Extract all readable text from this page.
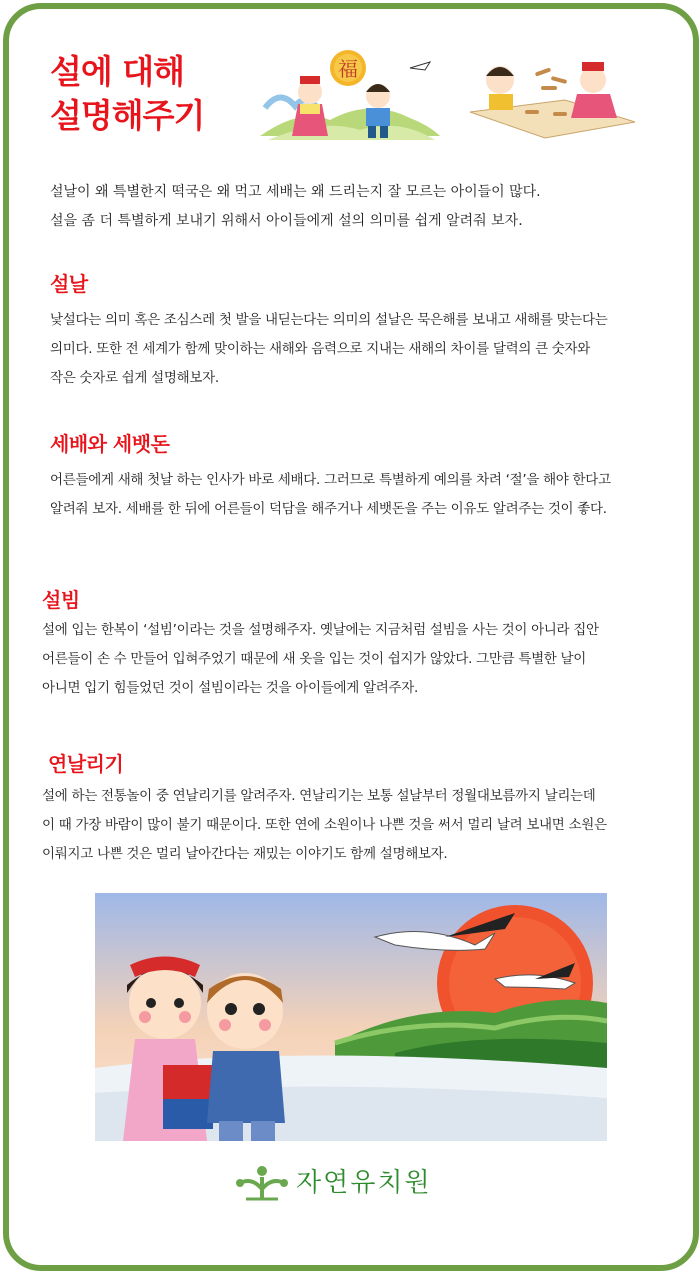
설에 대해
설명해주기
福
설날이 왜 특별한지 떡국은 왜 먹고 세배는 왜 드리는지 잘 모르는 아이들이 많다.
설을 좀 더 특별하게 보내기 위해서 아이들에게 설의 의미를 쉽게 알려줘 보자.
설날
낯설다는 의미 혹은 조심스레 첫 발을 내딛는다는 의미의 설날은 묵은해를 보내고 새해를 맞는다는
의미다. 또한 전 세계가 함께 맞이하는 새해와 음력으로 지내는 새해의 차이를 달력의 큰 숫자와
작은 숫자로 쉽게 설명해보자.
세배와 세뱃돈
어른들에게 새해 첫날 하는 인사가 바로 세배다. 그러므로 특별하게 예의를 차려 ‘절’을 해야 한다고
알려줘 보자. 세배를 한 뒤에 어른들이 덕담을 해주거나 세뱃돈을 주는 이유도 알려주는 것이 좋다.
설빔
설에 입는 한복이 ‘설빔’이라는 것을 설명해주자. 옛날에는 지금처럼 설빔을 사는 것이 아니라 집안
어른들이 손 수 만들어 입혀주었기 때문에 새 옷을 입는 것이 쉽지가 않았다. 그만큼 특별한 날이
아니면 입기 힘들었던 것이 설빔이라는 것을 아이들에게 알려주자.
연날리기
설에 하는 전통놀이 중 연날리기를 알려주자. 연날리기는 보통 설날부터 정월대보름까지 날리는데
이 때 가장 바람이 많이 불기 때문이다. 또한 연에 소원이나 나쁜 것을 써서 멀리 날려 보내면 소원은
이뤄지고 나쁜 것은 멀리 날아간다는 재밌는 이야기도 함께 설명해보자.
자연유치원
